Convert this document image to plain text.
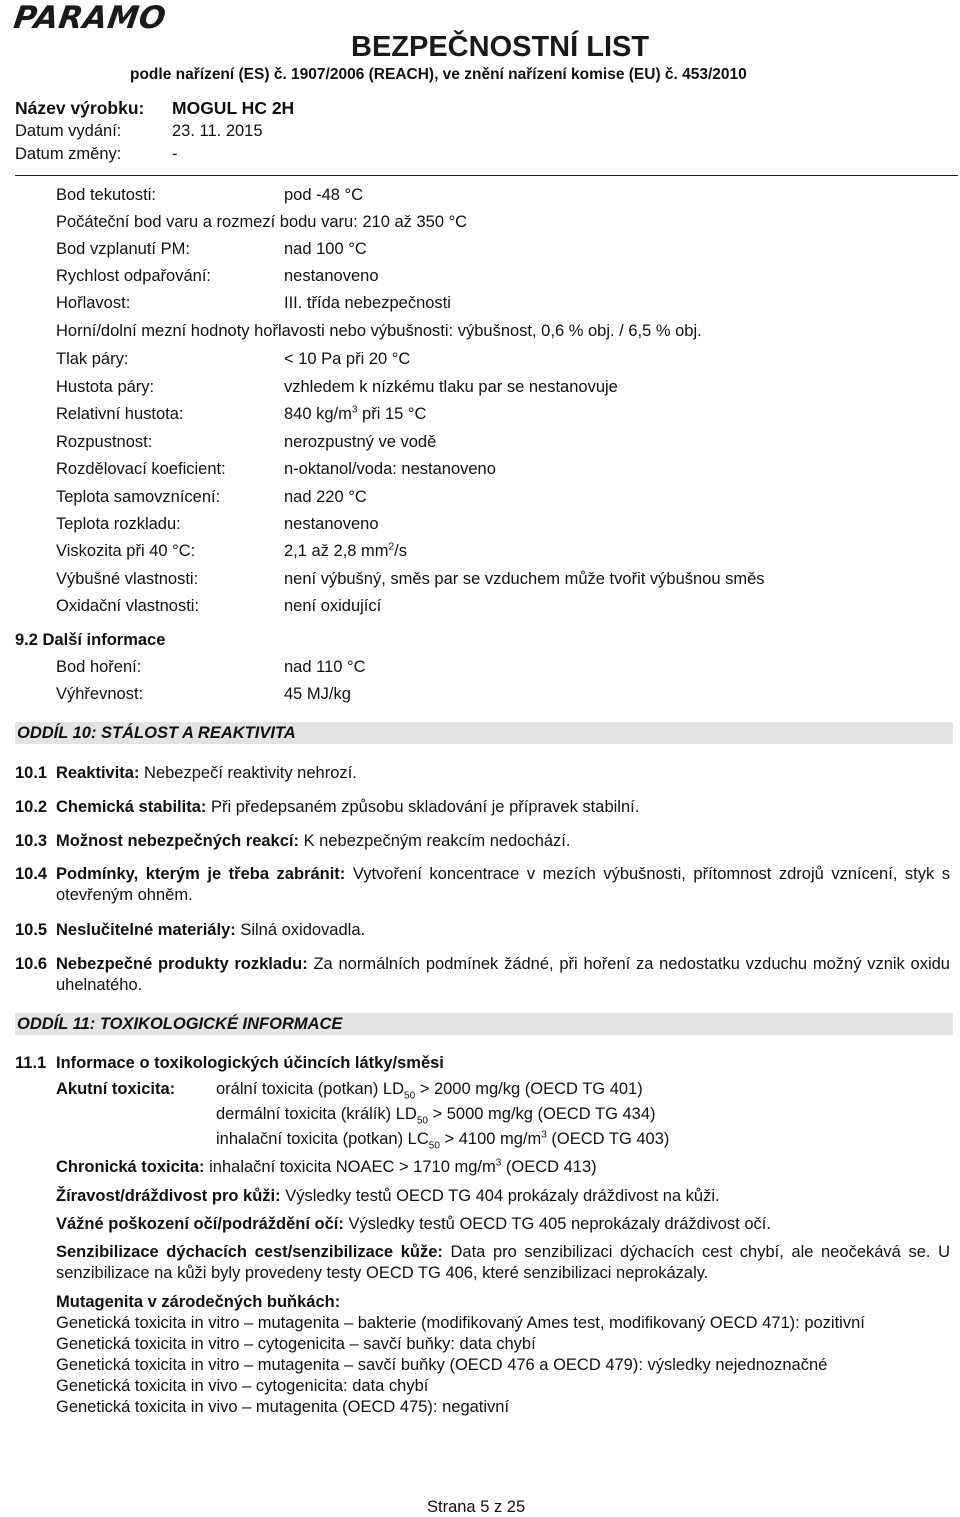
PARAMO
BEZPEČNOSTNÍ LIST
podle nařízení (ES) č. 1907/2006 (REACH), ve znění nařízení komise (EU) č. 453/2010
Název výrobku: MOGUL HC 2H
Datum vydání:	23. 11. 2015
Datum změny:	-
Bod tekutosti:	pod -48 °C
Počáteční bod varu a rozmezí bodu varu: 210 až 350 °C
Bod vzplanutí PM:	nad 100 °C
Rychlost odpařování:	nestanoveno
Hořlavost:	III. třída nebezpečnosti
Horní/dolní mezní hodnoty hořlavosti nebo výbušnosti: výbušnost, 0,6 % obj. / 6,5 % obj.
Tlak páry:	< 10 Pa při 20 °C
Hustota páry:	vzhledem k nízkému tlaku par se nestanovuje
Relativní hustota:	840 $kg/m^3$ při 15 °C
Rozpustnost:	nerozpustný ve vodě
Rozdělovací koeficient:	n-oktanol/voda: nestanoveno
Teplota samovznícení:	nad 220 °C
Teplota rozkladu:	nestanoveno
Viskozita při 40 °C:	2,1 až 2,8 $mm^2/s$
Výbušné vlastnosti:	není výbušný, směs par se vzduchem může tvořit výbušnou směs
Oxidační vlastnosti:	není oxidující
9.2 Další informace
Bod hoření:	nad 110 °C
Výhřevnost:	45 MJ/kg
ODDÍL 10: STÁLOST A REAKTIVITA
10.1 Reaktivita: Nebezpečí reaktivity nehrozí.
10.2 Chemická stabilita: Při předepsaném způsobu skladování je přípravek stabilní.
10.3 Možnost nebezpečných reakcí: K nebezpečným reakcím nedochází.
10.4 Podmínky, kterým je třeba zabránit: Vytvoření koncentrace v mezích výbušnosti, přítomnost zdrojů vznícení, styk s otevřeným ohněm.
10.5 Neslučitelné materiály: Silná oxidovadla.
10.6 Nebezpečné produkty rozkladu: Za normálních podmínek žádné, při hoření za nedostatku vzduchu možný vznik oxidu uhelnatého.
ODDÍL 11: TOXIKOLOGICKÉ INFORMACE
11.1 Informace o toxikologických účincích látky/směsi
Akutní toxicita: orální toxicita (potkan) $LD_{50} > 2000$ mg/kg (OECD TG 401)
dermální toxicita (králík) $LD_{50} > 5000$ mg/kg (OECD TG 434)
inhalační toxicita (potkan) $LC_{50} > 4100$ $mg/m^3$ (OECD TG 403)
Chronická toxicita: inhalační toxicita NOAEC > 1710 $mg/m^3$ (OECD 413)
Žíravost/dráždivost pro kůži: Výsledky testů OECD TG 404 prokázaly dráždivost na kůži.
Vážné poškození očí/podráždění očí: Výsledky testů OECD TG 405 neprokázaly dráždivost očí.
Senzibilizace dýchacích cest/senzibilizace kůže: Data pro senzibilizaci dýchacích cest chybí, ale neočekává se. U senzibilizace na kůži byly provedeny testy OECD TG 406, které senzibilizaci neprokázaly.
Mutagenita v zárodečných buňkách:
Genetická toxicita in vitro – mutagenita – bakterie (modifikovaný Ames test, modifikovaný OECD 471): pozitivní
Genetická toxicita in vitro – cytogenicita – savčí buňky: data chybí
Genetická toxicita in vitro – mutagenita – savčí buňky (OECD 476 a OECD 479): výsledky nejednoznačné
Genetická toxicita in vivo – cytogenicita: data chybí
Genetická toxicita in vivo – mutagenita (OECD 475): negativní
Strana 5 z 25
